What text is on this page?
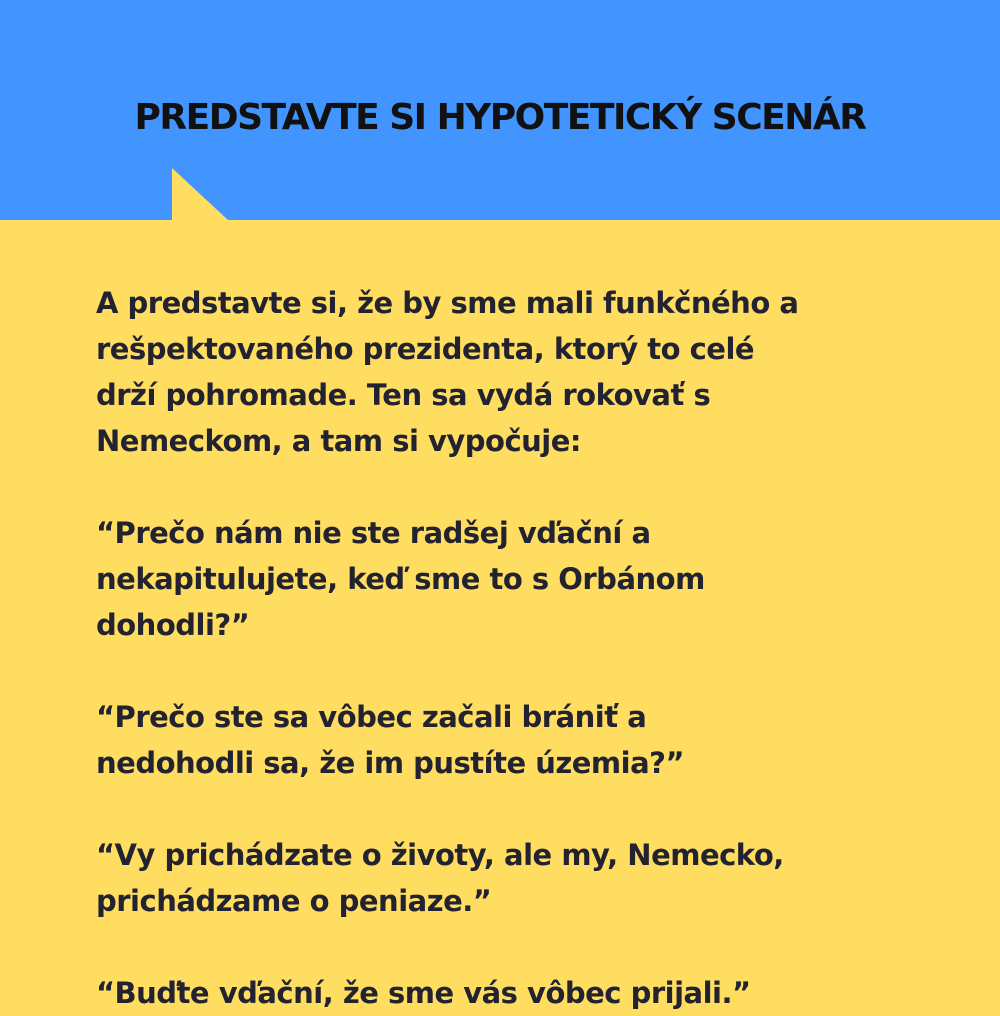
PREDSTAVTE SI HYPOTETICKÝ SCENÁR

A predstavte si, že by sme mali funkčného a
rešpektovaného prezidenta, ktorý to celé
drží pohromade. Ten sa vydá rokovať s
Nemeckom, a tam si vypočuje:

“Prečo nám nie ste radšej vďační a
nekapitulujete, keď sme to s Orbánom
dohodli?”

“Prečo ste sa vôbec začali brániť a
nedohodli sa, že im pustíte územia?”

“Vy prichádzate o životy, ale my, Nemecko,
prichádzame o peniaze.”

“Buďte vďační, že sme vás vôbec prijali.”
